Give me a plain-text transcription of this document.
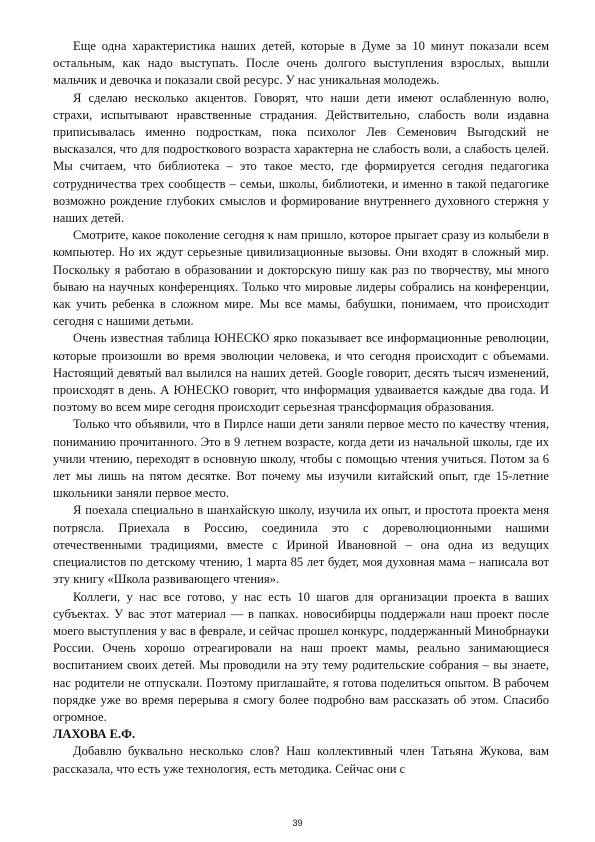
Еще одна характеристика наших детей, которые в Думе за 10 минут показали всем остальным, как надо выступать. После очень долгого выступления взрослых, вышли мальчик и девочка и показали свой ресурс. У нас уникальная молодежь.

Я сделаю несколько акцентов. Говорят, что наши дети имеют ослабленную волю, страхи, испытывают нравственные страдания. Действительно, слабость воли издавна приписывалась именно подросткам, пока психолог Лев Семенович Выгодский не высказался, что для подросткового возраста характерна не слабость воли, а слабость целей. Мы считаем, что библиотека – это такое место, где формируется сегодня педагогика сотрудничества трех сообществ – семьи, школы, библиотеки, и именно в такой педагогике возможно рождение глубоких смыслов и формирование внутреннего духовного стержня у наших детей.

Смотрите, какое поколение сегодня к нам пришло, которое прыгает сразу из колыбели в компьютер. Но их ждут серьезные цивилизационные вызовы. Они входят в сложный мир. Поскольку я работаю в образовании и докторскую пишу как раз по творчеству, мы много бываю на научных конференциях. Только что мировые лидеры собрались на конференции, как учить ребенка в сложном мире. Мы все мамы, бабушки, понимаем, что происходит сегодня с нашими детьми.

Очень известная таблица ЮНЕСКО ярко показывает все информационные революции, которые произошли во время эволюции человека, и что сегодня происходит с объемами. Настоящий девятый вал вылился на наших детей. Google говорит, десять тысяч изменений, происходят в день. А ЮНЕСКО говорит, что информация удваивается каждые два года. И поэтому во всем мире сегодня происходит серьезная трансформация образования.

Только что объявили, что в Пирлсе наши дети заняли первое место по качеству чтения, пониманию прочитанного. Это в 9 летнем возрасте, когда дети из начальной школы, где их учили чтению, переходят в основную школу, чтобы с помощью чтения учиться. Потом за 6 лет мы лишь на пятом десятке. Вот почему мы изучили китайский опыт, где 15-летние школьники заняли первое место.

Я поехала специально в шанхайскую школу, изучила их опыт, и простота проекта меня потрясла. Приехала в Россию, соединила это с дореволюционными нашими отечественными традициями, вместе с Ириной Ивановной – она одна из ведущих специалистов по детскому чтению, 1 марта 85 лет будет, моя духовная мама – написала вот эту книгу «Школа развивающего чтения».

Коллеги, у нас все готово, у нас есть 10 шагов для организации проекта в ваших субъектах. У вас этот материал — в папках. новосибирцы поддержали наш проект после моего выступления у вас в феврале, и сейчас прошел конкурс, поддержанный Минобрнауки России. Очень хорошо отреагировали на наш проект мамы, реально занимающиеся воспитанием своих детей. Мы проводили на эту тему родительские собрания – вы знаете, нас родители не отпускали. Поэтому приглашайте, я готова поделиться опытом. В рабочем порядке уже во время перерыва я смогу более подробно вам рассказать об этом. Спасибо огромное.

ЛАХОВА Е.Ф.

Добавлю буквально несколько слов? Наш коллективный член Татьяна Жукова, вам рассказала, что есть уже технология, есть методика. Сейчас они с

39
